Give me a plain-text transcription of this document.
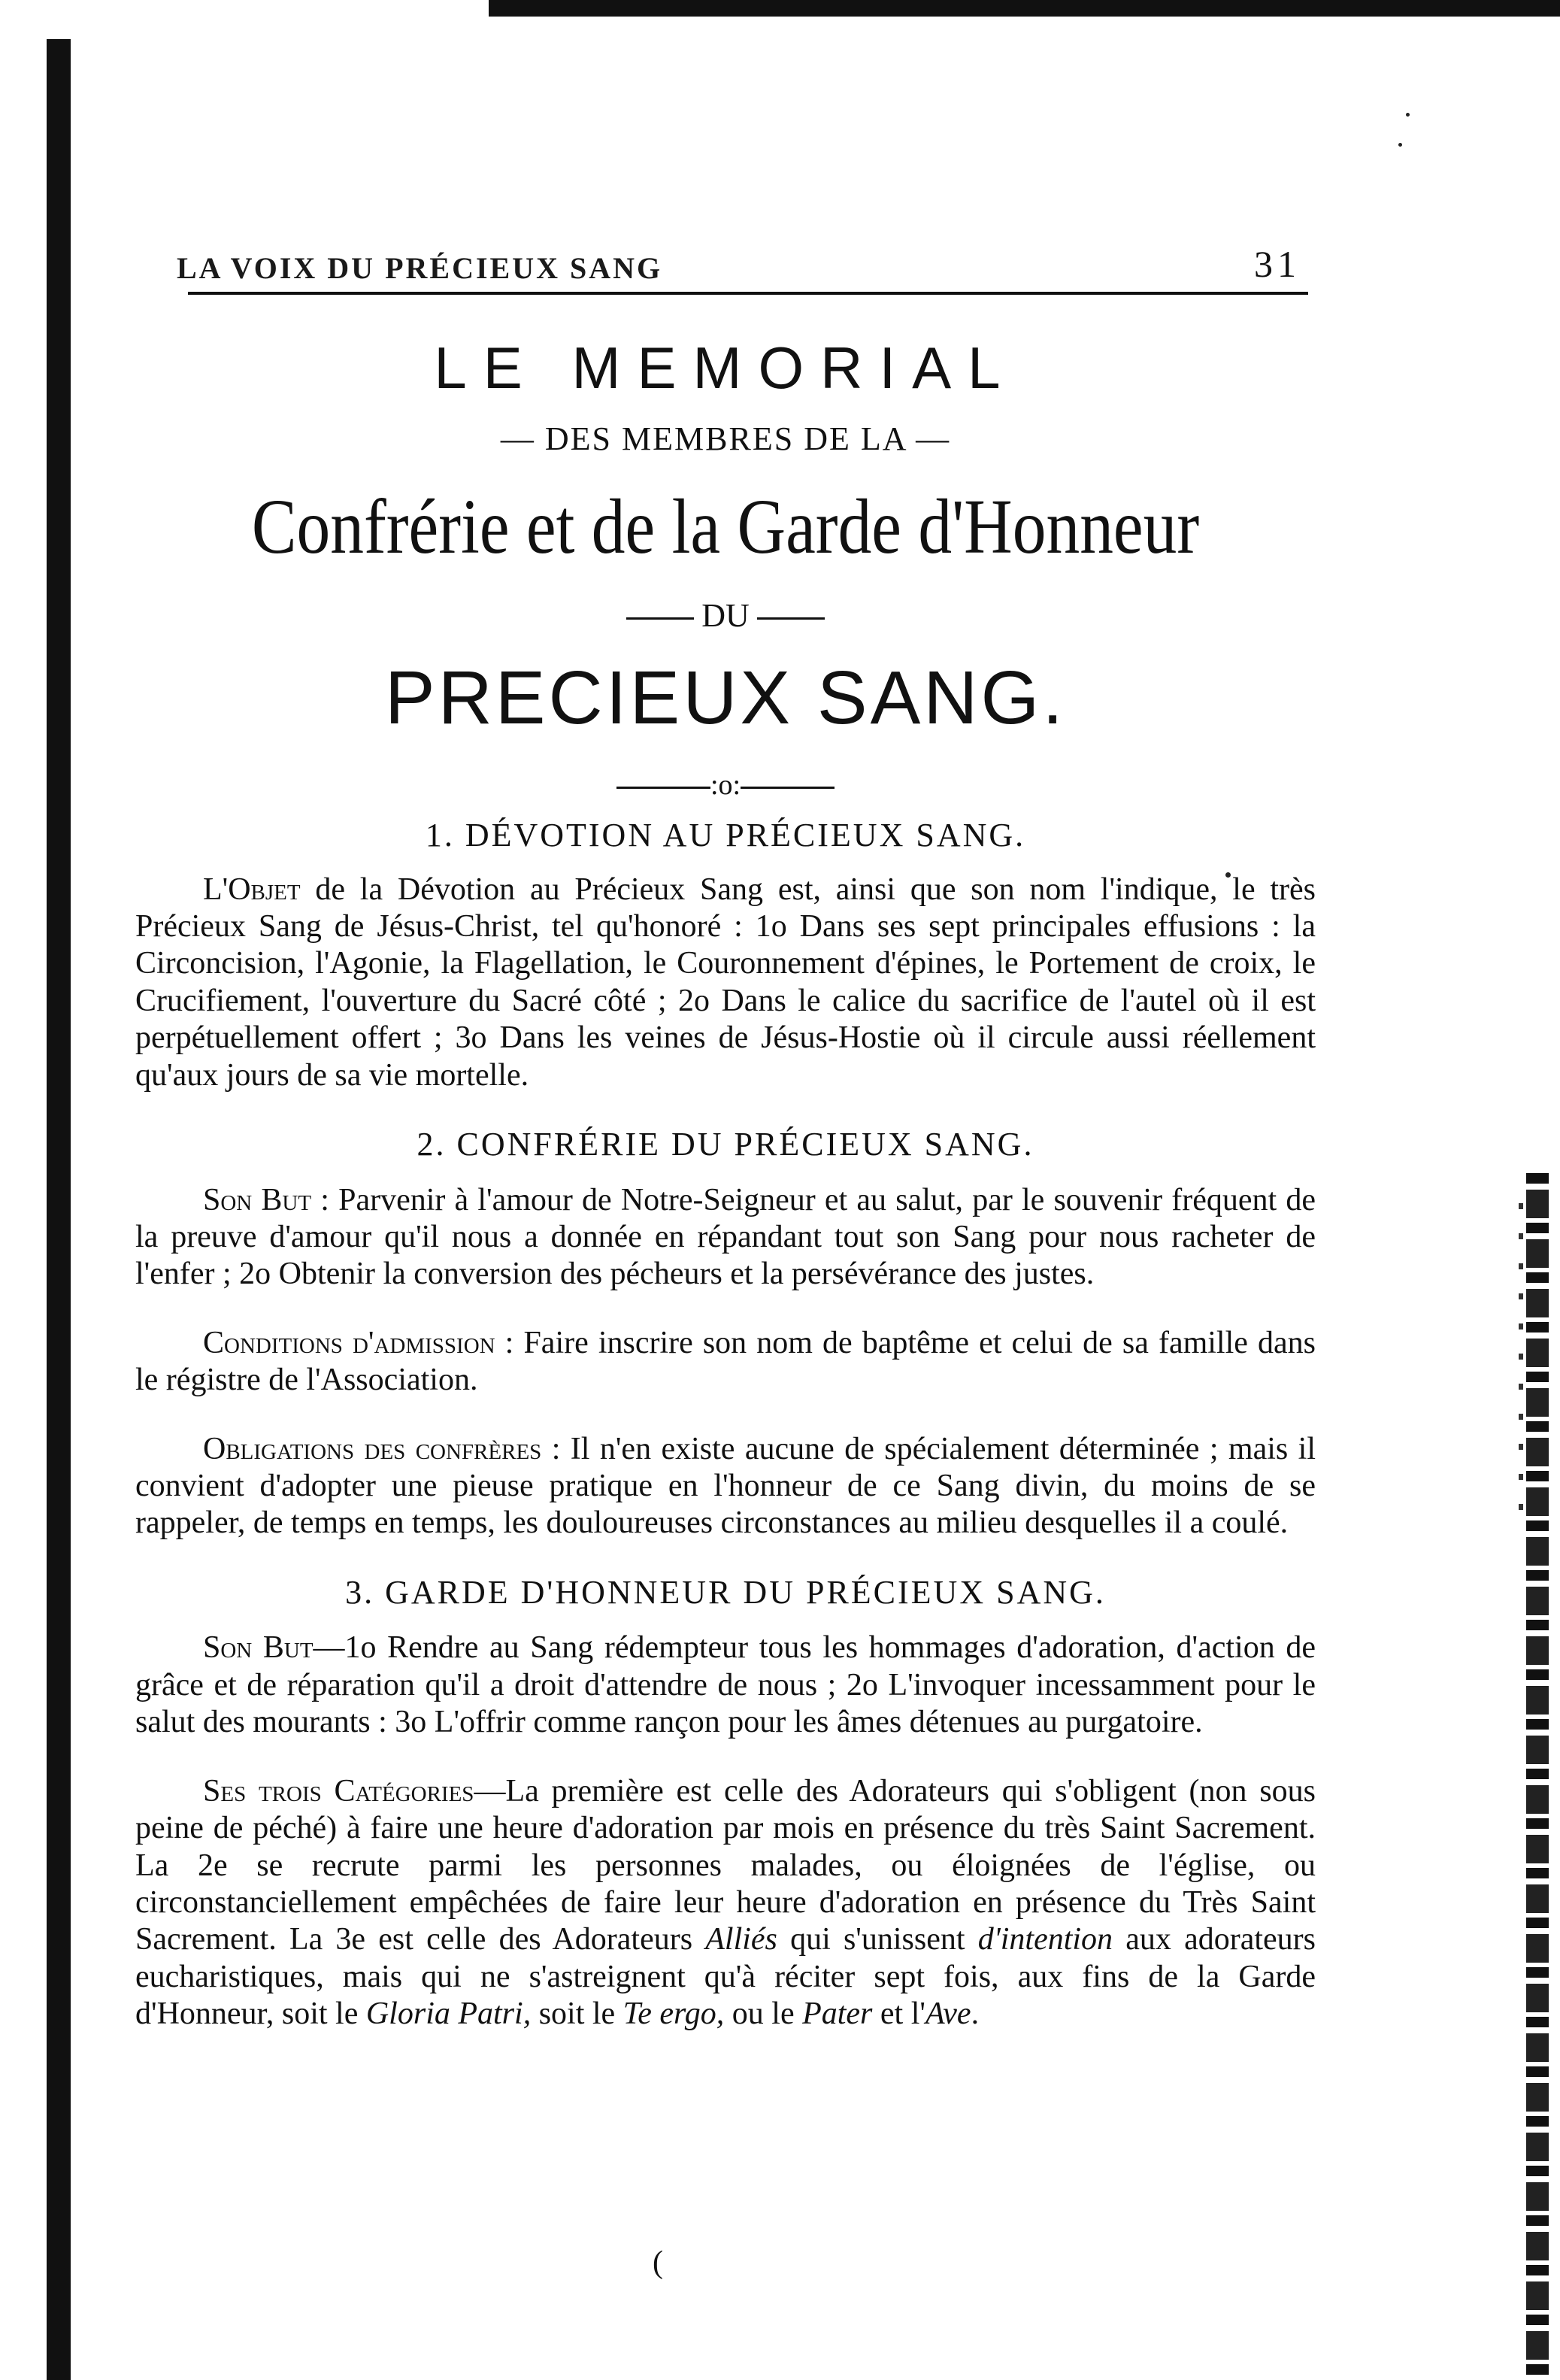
LA VOIX DU PRÉCIEUX SANG	31
LE MEMORIAL
— DES MEMBRES DE LA —
Confrérie et de la Garde d'Honneur
DU
PRECIEUX SANG.
:o:
1. DÉVOTION AU PRÉCIEUX SANG.

L'Objet de la Dévotion au Précieux Sang est, ainsi que son nom l'indique, le très Précieux Sang de Jésus-Christ, tel qu'honoré : 1o Dans ses sept principales effusions : la Circoncision, l'Agonie, la Flagellation, le Couronnement d'épines, le Portement de croix, le Crucifiement, l'ouverture du Sacré côté ; 2o Dans le calice du sacrifice de l'autel où il est perpétuellement offert ; 3o Dans les veines de Jésus-Hostie où il circule aussi réellement qu'aux jours de sa vie mortelle.

2. CONFRÉRIE DU PRÉCIEUX SANG.

Son But : Parvenir à l'amour de Notre-Seigneur et au salut, par le souvenir fréquent de la preuve d'amour qu'il nous a donnée en répandant tout son Sang pour nous racheter de l'enfer ; 2o Obtenir la conversion des pécheurs et la persévérance des justes.

Conditions d'admission : Faire inscrire son nom de baptême et celui de sa famille dans le régistre de l'Association.

Obligations des confrères : Il n'en existe aucune de spécialement déterminée ; mais il convient d'adopter une pieuse pratique en l'honneur de ce Sang divin, du moins de se rappeler, de temps en temps, les douloureuses circonstances au milieu desquelles il a coulé.

3. GARDE D'HONNEUR DU PRÉCIEUX SANG.

Son But—1o Rendre au Sang rédempteur tous les hommages d'adoration, d'action de grâce et de réparation qu'il a droit d'attendre de nous ; 2o L'invoquer incessamment pour le salut des mourants : 3o L'offrir comme rançon pour les âmes détenues au purgatoire.

Ses trois Catégories—La première est celle des Adorateurs qui s'obligent (non sous peine de péché) à faire une heure d'adoration par mois en présence du très Saint Sacrement. La 2e se recrute parmi les personnes malades, ou éloignées de l'église, ou circonstanciellement empêchées de faire leur heure d'adoration en présence du Très Saint Sacrement. La 3e est celle des Adorateurs Alliés qui s'unissent d'intention aux adorateurs eucharistiques, mais qui ne s'astreignent qu'à réciter sept fois, aux fins de la Garde d'Honneur, soit le Gloria Patri, soit le Te ergo, ou le Pater et l'Ave.

(
